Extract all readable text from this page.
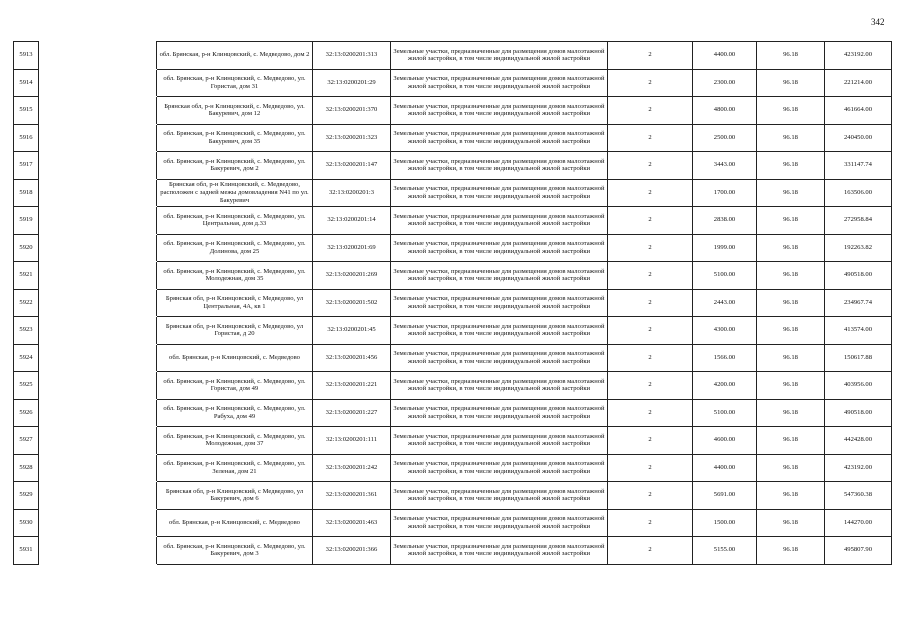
342
5913		обл. Брянская, р-н Клинцовский, с. Медведово, дом 2	32:13:0200201:313	Земельные участки, предназначенные для размещения домов малоэтажной жилой застройки, в том числе индивидуальной жилой застройки	2	4400.00	96.18	423192.00
5914		обл. Брянская, р-н Клинцовский, с. Медведово, ул. Гористая, дом 31	32:13:0200201:29	Земельные участки, предназначенные для размещения домов малоэтажной жилой застройки, в том числе индивидуальной жилой застройки	2	2300.00	96.18	221214.00
5915		Брянская обл, р-н Клинцовский, с. Медведово, ул. Бакуревич, дом 12	32:13:0200201:370	Земельные участки, предназначенные для размещения домов малоэтажной жилой застройки, в том числе индивидуальной жилой застройки	2	4800.00	96.18	461664.00
5916		обл. Брянская, р-н Клинцовский, с. Медведово, ул. Бакуревич, дом 35	32:13:0200201:323	Земельные участки, предназначенные для размещения домов малоэтажной жилой застройки, в том числе индивидуальной жилой застройки	2	2500.00	96.18	240450.00
5917		обл. Брянская, р-н Клинцовский, с. Медведово, ул. Бакуревич, дом 2	32:13:0200201:147	Земельные участки, предназначенные для размещения домов малоэтажной жилой застройки, в том числе индивидуальной жилой застройки	2	3443.00	96.18	331147.74
5918		Брянская обл, р-н Клинцовский, с. Медведово, расположен с задней межы домовладения N41 по ул. Бакуревич	32:13:0200201:3	Земельные участки, предназначенные для размещения домов малоэтажной жилой застройки, в том числе индивидуальной жилой застройки	2	1700.00	96.18	163506.00
5919		обл. Брянская, р-н Клинцовский, с. Медведово, ул. Центральная, дом д.33	32:13:0200201:14	Земельные участки, предназначенные для размещения домов малоэтажной жилой застройки, в том числе индивидуальной жилой застройки	2	2838.00	96.18	272958.84
5920		обл. Брянская, р-н Клинцовский, с. Медведово, ул. Долинова, дом 25	32:13:0200201:69	Земельные участки, предназначенные для размещения домов малоэтажной жилой застройки, в том числе индивидуальной жилой застройки	2	1999.00	96.18	192263.82
5921		обл. Брянская, р-н Клинцовский, с. Медведово, ул. Молодежная, дом 35	32:13:0200201:269	Земельные участки, предназначенные для размещения домов малоэтажной жилой застройки, в том числе индивидуальной жилой застройки	2	5100.00	96.18	490518.00
5922		Брянская обл, р-н Клинцовский, с Медведово, ул Центральная, 4А, кв 1	32:13:0200201:502	Земельные участки, предназначенные для размещения домов малоэтажной жилой застройки, в том числе индивидуальной жилой застройки	2	2443.00	96.18	234967.74
5923		Брянская обл, р-н Клинцовский, с Медведово, ул Гористая, д 20	32:13:0200201:45	Земельные участки, предназначенные для размещения домов малоэтажной жилой застройки, в том числе индивидуальной жилой застройки	2	4300.00	96.18	413574.00
5924		обл. Брянская, р-н Клинцовский, с. Медведово	32:13:0200201:456	Земельные участки, предназначенные для размещения домов малоэтажной жилой застройки, в том числе индивидуальной жилой застройки	2	1566.00	96.18	150617.88
5925		обл. Брянская, р-н Клинцовский, с. Медведово, ул. Гористая, дом 49	32:13:0200201:221	Земельные участки, предназначенные для размещения домов малоэтажной жилой застройки, в том числе индивидуальной жилой застройки	2	4200.00	96.18	403956.00
5926		обл. Брянская, р-н Клинцовский, с. Медведово, ул. Рабуха, дом 49	32:13:0200201:227	Земельные участки, предназначенные для размещения домов малоэтажной жилой застройки, в том числе индивидуальной жилой застройки	2	5100.00	96.18	490518.00
5927		обл. Брянская, р-н Клинцовский, с. Медведово, ул. Молодежная, дом 37	32:13:0200201:111	Земельные участки, предназначенные для размещения домов малоэтажной жилой застройки, в том числе индивидуальной жилой застройки	2	4600.00	96.18	442428.00
5928		обл. Брянская, р-н Клинцовский, с. Медведово, ул. Зеленая, дом 21	32:13:0200201:242	Земельные участки, предназначенные для размещения домов малоэтажной жилой застройки, в том числе индивидуальной жилой застройки	2	4400.00	96.18	423192.00
5929		Брянская обл, р-н Клинцовский, с Медведово, ул Бакуревич, дом 6	32:13:0200201:361	Земельные участки, предназначенные для размещения домов малоэтажной жилой застройки, в том числе индивидуальной жилой застройки	2	5691.00	96.18	547360.38
5930		обл. Брянская, р-н Клинцовский, с. Медведово	32:13:0200201:463	Земельные участки, предназначенные для размещения домов малоэтажной жилой застройки, в том числе индивидуальной жилой застройки	2	1500.00	96.18	144270.00
5931		обл. Брянская, р-н Клинцовский, с. Медведово, ул. Бакуревич, дом 3	32:13:0200201:366	Земельные участки, предназначенные для размещения домов малоэтажной жилой застройки, в том числе индивидуальной жилой застройки	2	5155.00	96.18	495807.90
